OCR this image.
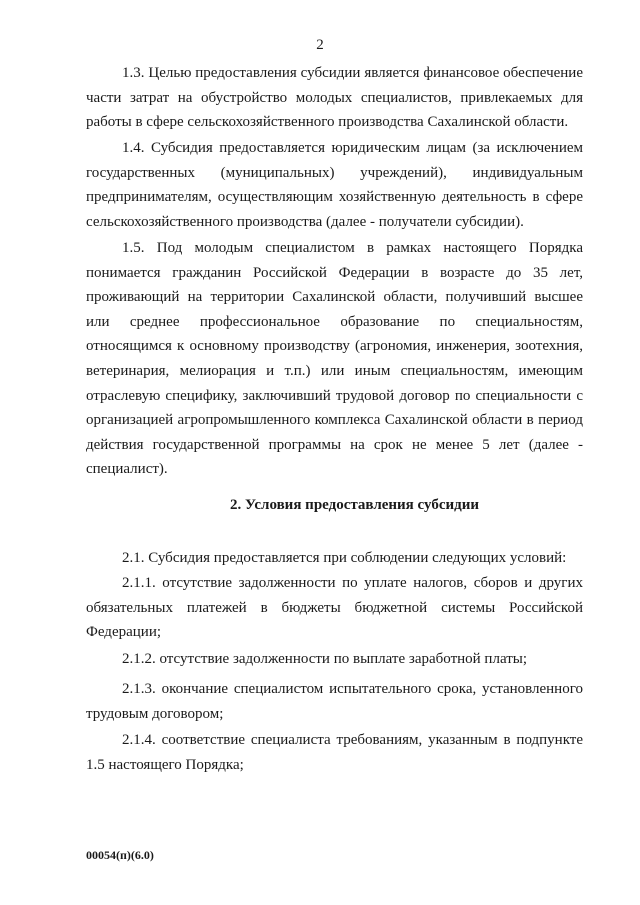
2

1.3. Целью предоставления субсидии является финансовое обеспечение части затрат на обустройство молодых специалистов, привлекаемых для работы в сфере сельскохозяйственного производства Сахалинской области.

1.4. Субсидия предоставляется юридическим лицам (за исключением государственных (муниципальных) учреждений), индивидуальным предпринимателям, осуществляющим хозяйственную деятельность в сфере сельскохозяйственного производства (далее - получатели субсидии).

1.5. Под молодым специалистом в рамках настоящего Порядка понимается гражданин Российской Федерации в возрасте до 35 лет, проживающий на территории Сахалинской области, получивший высшее или среднее профессиональное образование по специальностям, относящимся к основному производству (агрономия, инженерия, зоотехния, ветеринария, мелиорация и т.п.) или иным специальностям, имеющим отраслевую специфику, заключивший трудовой договор по специальности с организацией агропромышленного комплекса Сахалинской области в период действия государственной программы на срок не менее 5 лет (далее - специалист).

2. Условия предоставления субсидии

2.1. Субсидия предоставляется при соблюдении следующих условий:

2.1.1. отсутствие задолженности по уплате налогов, сборов и других обязательных платежей в бюджеты бюджетной системы Российской Федерации;

2.1.2. отсутствие задолженности по выплате заработной платы;

2.1.3. окончание специалистом испытательного срока, установленного трудовым договором;

2.1.4. соответствие специалиста требованиям, указанным в подпункте 1.5 настоящего Порядка;

00054(п)(6.0)
